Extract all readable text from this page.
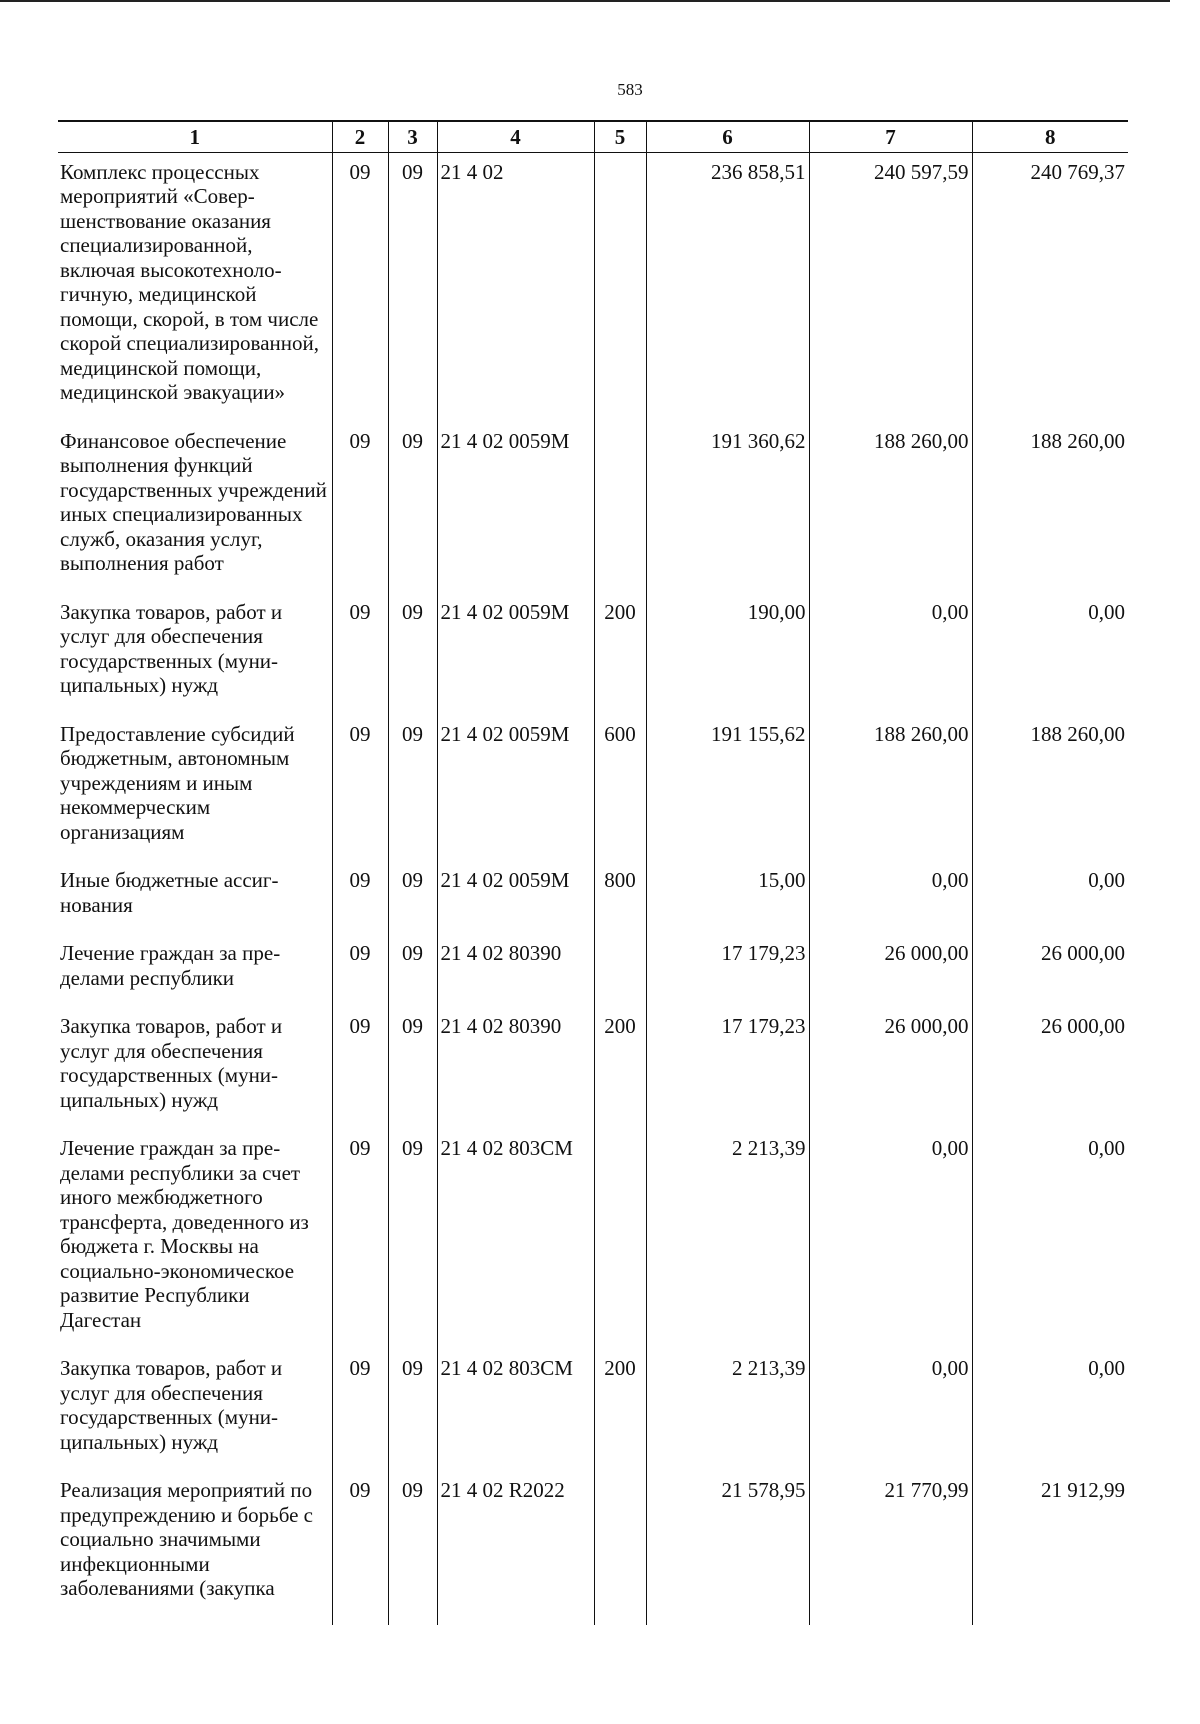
583
1	2	3	4	5	6	7	8
Комплекс процессных мероприятий «Совершенствование оказания специализированной, включая высокотехнологичную, медицинской помощи, скорой, в том числе скорой специализированной, медицинской помощи, медицинской эвакуации»	09	09	21 4 02		236 858,51	240 597,59	240 769,37
Финансовое обеспечение выполнения функций государственных учреждений иных специализированных служб, оказания услуг, выполнения работ	09	09	21 4 02 0059M		191 360,62	188 260,00	188 260,00
Закупка товаров, работ и услуг для обеспечения государственных (муниципальных) нужд	09	09	21 4 02 0059M	200	190,00	0,00	0,00
Предоставление субсидий бюджетным, автономным учреждениям и иным некоммерческим организациям	09	09	21 4 02 0059M	600	191 155,62	188 260,00	188 260,00
Иные бюджетные ассигнования	09	09	21 4 02 0059M	800	15,00	0,00	0,00
Лечение граждан за пределами республики	09	09	21 4 02 80390		17 179,23	26 000,00	26 000,00
Закупка товаров, работ и услуг для обеспечения государственных (муниципальных) нужд	09	09	21 4 02 80390	200	17 179,23	26 000,00	26 000,00
Лечение граждан за пределами республики за счет иного межбюджетного трансферта, доведенного из бюджета г. Москвы на социально-экономическое развитие Республики Дагестан	09	09	21 4 02 803CM		2 213,39	0,00	0,00
Закупка товаров, работ и услуг для обеспечения государственных (муниципальных) нужд	09	09	21 4 02 803CM	200	2 213,39	0,00	0,00
Реализация мероприятий по предупреждению и борьбе с социально значимыми инфекционными заболеваниями (закупка	09	09	21 4 02 R2022		21 578,95	21 770,99	21 912,99
